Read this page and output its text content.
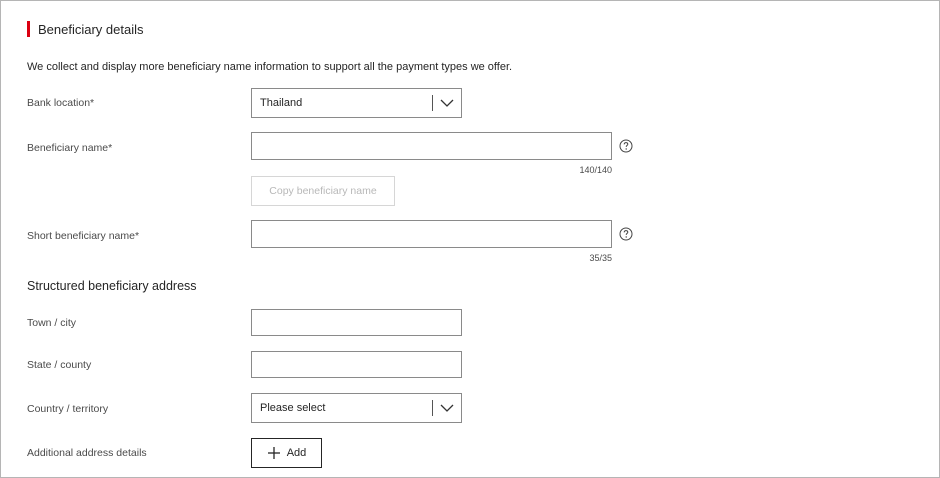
Beneficiary details
We collect and display more beneficiary name information to support all the payment types we offer.
Bank location*	Thailand
Beneficiary name*
140/140
Copy beneficiary name
Short beneficiary name*
35/35
Structured beneficiary address
Town / city
State / county
Country / territory	Please select
Additional address details	Add
